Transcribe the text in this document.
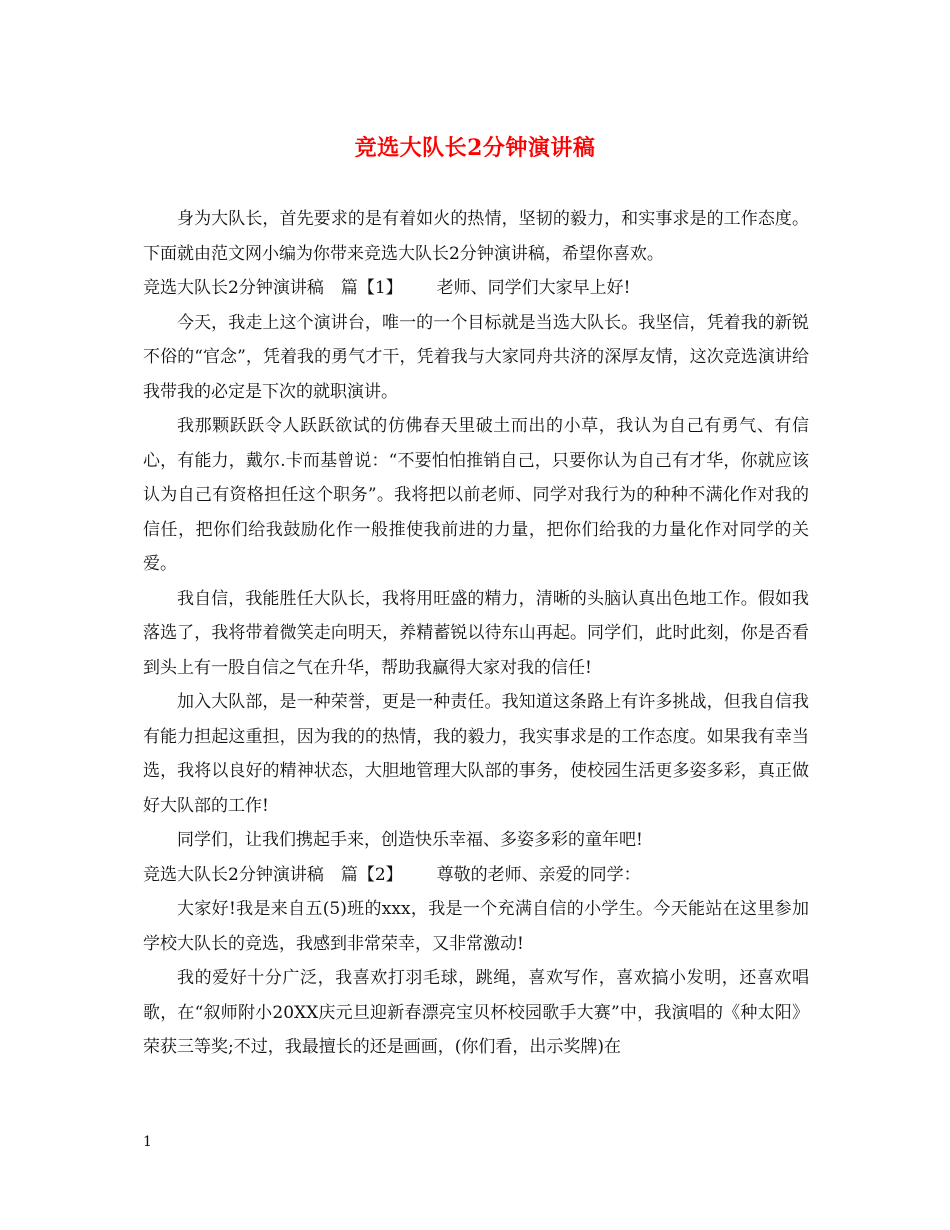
竞选大队长2分钟演讲稿

身为大队长，首先要求的是有着如火的热情，坚韧的毅力，和实事求是的工作态度。下面就由范文网小编为你带来竞选大队长2分钟演讲稿，希望你喜欢。

竞选大队长2分钟演讲稿 篇【1】 老师、同学们大家早上好!

今天，我走上这个演讲台，唯一的一个目标就是当选大队长。我坚信，凭着我的新锐不俗的“官念”，凭着我的勇气才干，凭着我与大家同舟共济的深厚友情，这次竞选演讲给我带我的必定是下次的就职演讲。

我那颗跃跃令人跃跃欲试的仿佛春天里破土而出的小草，我认为自己有勇气、有信心，有能力，戴尔.卡而基曾说：“不要怕怕推销自己，只要你认为自己有才华，你就应该认为自己有资格担任这个职务”。我将把以前老师、同学对我行为的种种不满化作对我的信任，把你们给我鼓励化作一般推使我前进的力量，把你们给我的力量化作对同学的关爱。

我自信，我能胜任大队长，我将用旺盛的精力，清晰的头脑认真出色地工作。假如我落选了，我将带着微笑走向明天，养精蓄锐以待东山再起。同学们，此时此刻，你是否看到头上有一股自信之气在升华，帮助我赢得大家对我的信任!

加入大队部，是一种荣誉，更是一种责任。我知道这条路上有许多挑战，但我自信我有能力担起这重担，因为我的的热情，我的毅力，我实事求是的工作态度。如果我有幸当选，我将以良好的精神状态，大胆地管理大队部的事务，使校园生活更多姿多彩，真正做好大队部的工作!

同学们，让我们携起手来，创造快乐幸福、多姿多彩的童年吧!

竞选大队长2分钟演讲稿 篇【2】 尊敬的老师、亲爱的同学：

大家好!我是来自五(5)班的xxx，我是一个充满自信的小学生。今天能站在这里参加学校大队长的竞选，我感到非常荣幸，又非常激动!

我的爱好十分广泛，我喜欢打羽毛球，跳绳，喜欢写作，喜欢搞小发明，还喜欢唱歌，在“叙师附小20XX庆元旦迎新春漂亮宝贝杯校园歌手大赛”中，我演唱的《种太阳》荣获三等奖;不过，我最擅长的还是画画，(你们看，出示奖牌)在

1
